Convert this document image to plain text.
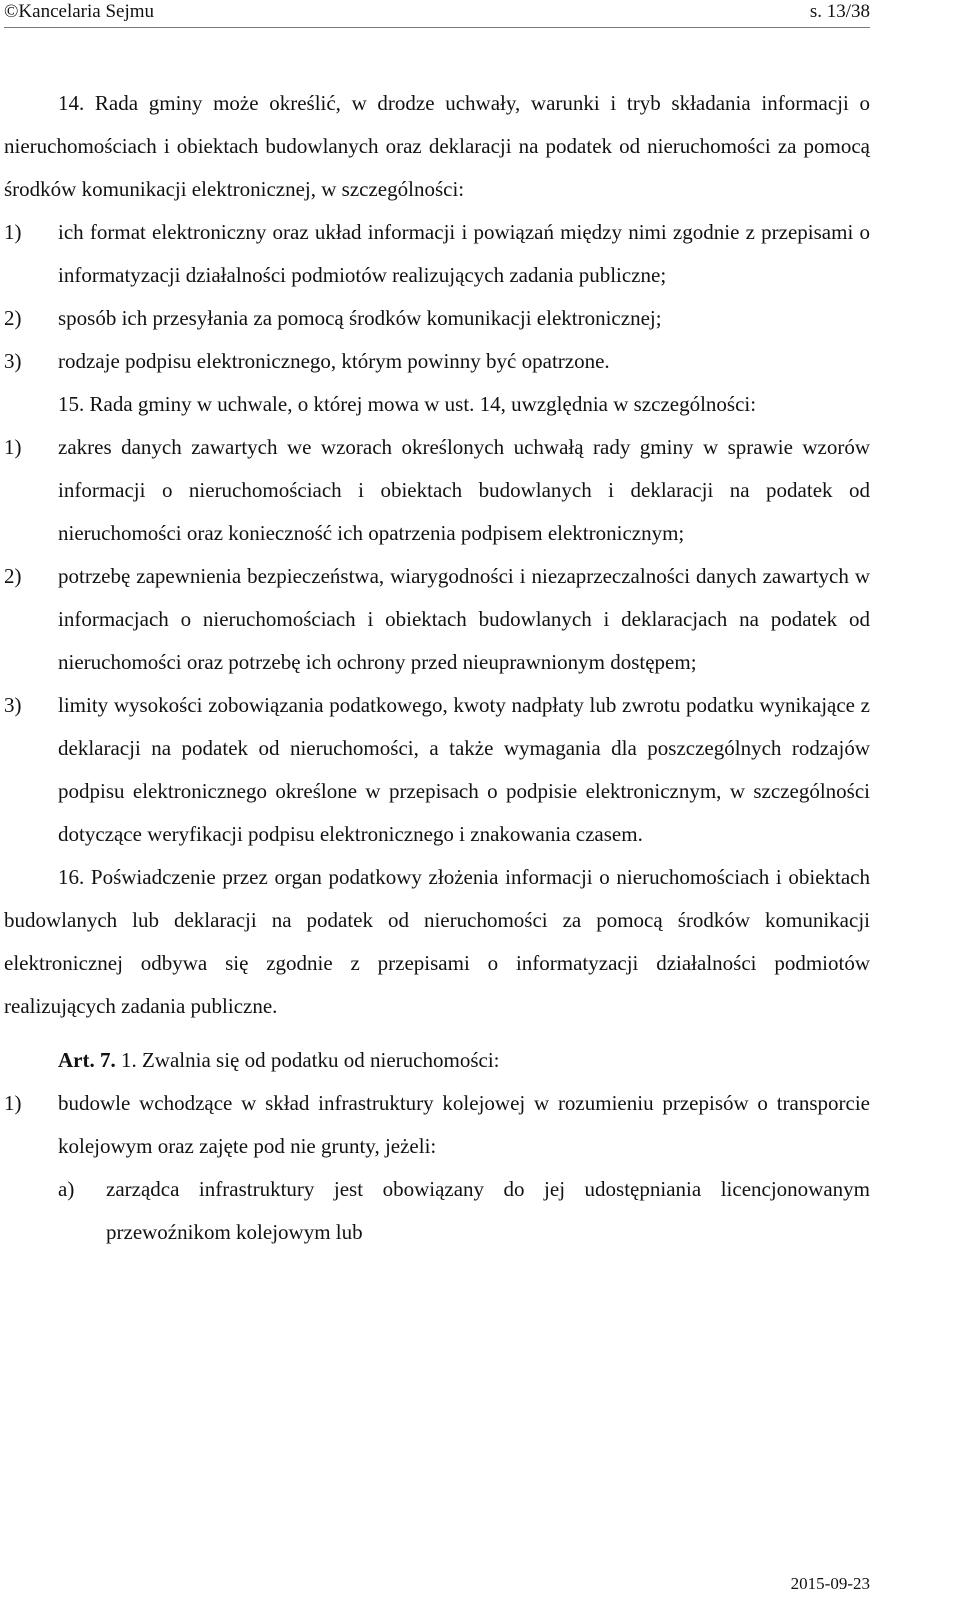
©Kancelaria Sejmu	s. 13/38

14. Rada gminy może określić, w drodze uchwały, warunki i tryb składania informacji o nieruchomościach i obiektach budowlanych oraz deklaracji na podatek od nieruchomości za pomocą środków komunikacji elektronicznej, w szczególności:

1)	ich format elektroniczny oraz układ informacji i powiązań między nimi zgodnie z przepisami o informatyzacji działalności podmiotów realizujących zadania publiczne;
2)	sposób ich przesyłania za pomocą środków komunikacji elektronicznej;
3)	rodzaje podpisu elektronicznego, którym powinny być opatrzone.

15. Rada gminy w uchwale, o której mowa w ust. 14, uwzględnia w szczególności:

1)	zakres danych zawartych we wzorach określonych uchwałą rady gminy w sprawie wzorów informacji o nieruchomościach i obiektach budowlanych i deklaracji na podatek od nieruchomości oraz konieczność ich opatrzenia podpisem elektronicznym;
2)	potrzebę zapewnienia bezpieczeństwa, wiarygodności i niezaprzeczalności danych zawartych w informacjach o nieruchomościach i obiektach budowlanych i deklaracjach na podatek od nieruchomości oraz potrzebę ich ochrony przed nieuprawnionym dostępem;
3)	limity wysokości zobowiązania podatkowego, kwoty nadpłaty lub zwrotu podatku wynikające z deklaracji na podatek od nieruchomości, a także wymagania dla poszczególnych rodzajów podpisu elektronicznego określone w przepisach o podpisie elektronicznym, w szczególności dotyczące weryfikacji podpisu elektronicznego i znakowania czasem.

16. Poświadczenie przez organ podatkowy złożenia informacji o nieruchomościach i obiektach budowlanych lub deklaracji na podatek od nieruchomości za pomocą środków komunikacji elektronicznej odbywa się zgodnie z przepisami o informatyzacji działalności podmiotów realizujących zadania publiczne.

Art. 7. 1. Zwalnia się od podatku od nieruchomości:

1)	budowle wchodzące w skład infrastruktury kolejowej w rozumieniu przepisów o transporcie kolejowym oraz zajęte pod nie grunty, jeżeli:
a)	zarządca infrastruktury jest obowiązany do jej udostępniania licencjonowanym przewoźnikom kolejowym lub
2015-09-23
